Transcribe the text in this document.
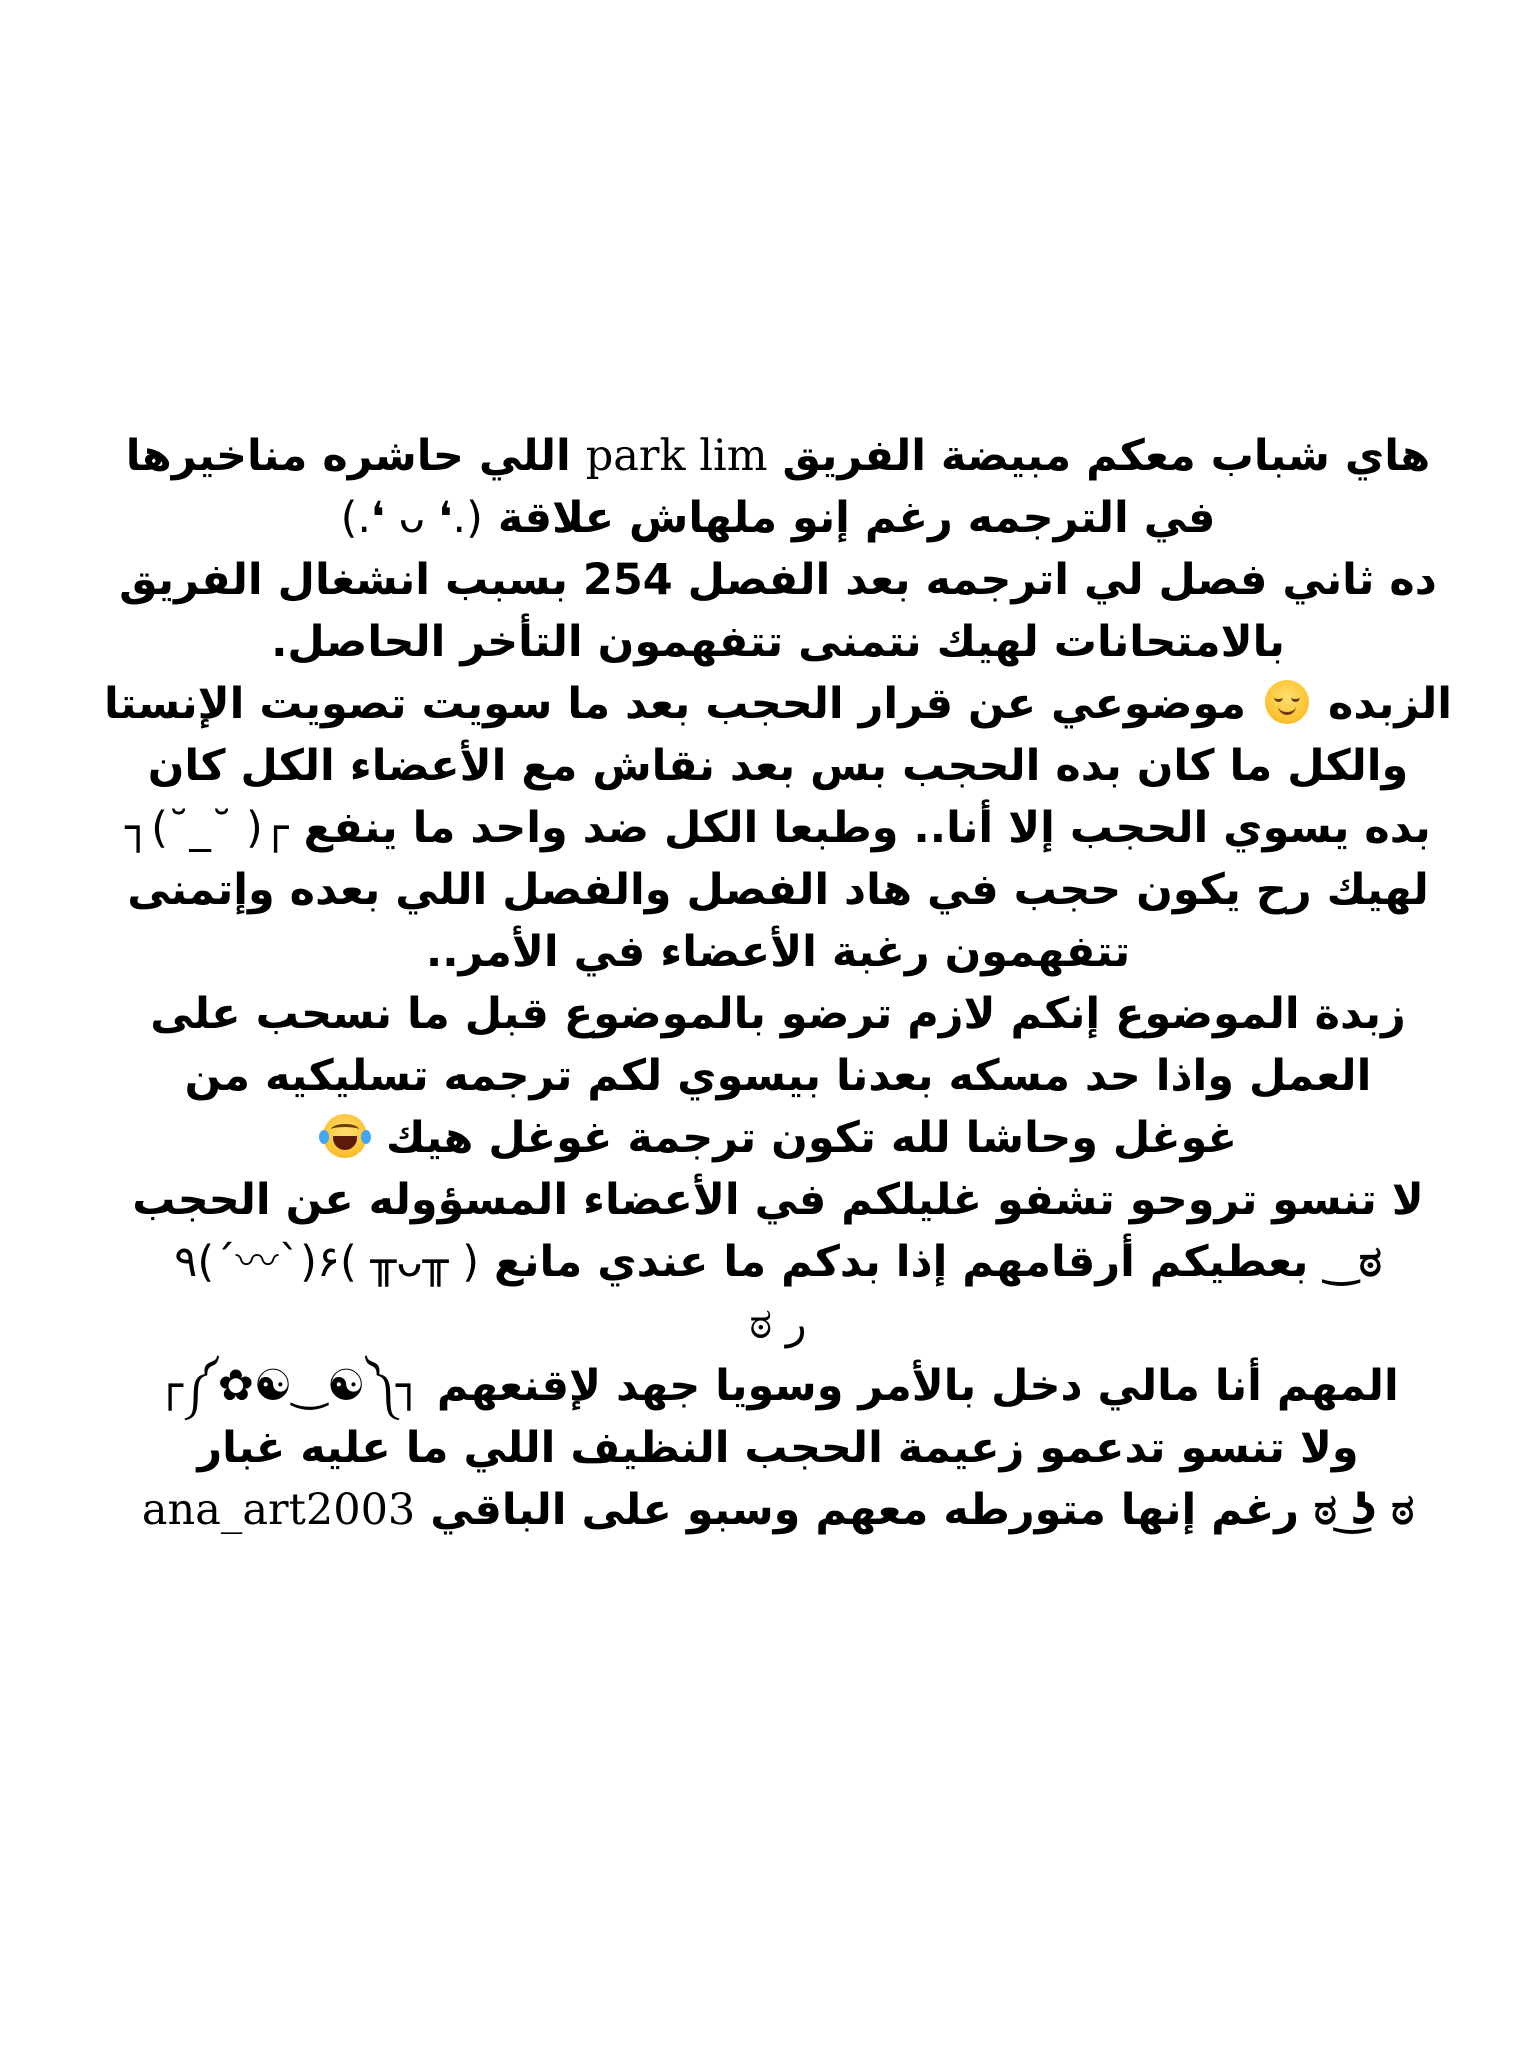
هاي شباب معكم مبيضة الفريق park lim اللي حاشره مناخيرها
في الترجمه رغم إنو ملهاش علاقة (.❛ ᴗ ❛.)
ده ثاني فصل لي اترجمه بعد الفصل 254 بسبب انشغال الفريق
بالامتحانات لهيك نتمنى تتفهمون التأخر الحاصل.
الزبده
موضوعي عن قرار الحجب بعد ما سويت تصويت الإنستا
والكل ما كان بده الحجب بس بعد نقاش مع الأعضاء الكل كان
بده يسوي الحجب إلا أنا.. وطبعا الكل ضد واحد ما ينفع ┐(˘_˘ )┌
لهيك رح يكون حجب في هاد الفصل والفصل اللي بعده وإتمنى
تتفهمون رغبة الأعضاء في الأمر..
زبدة الموضوع إنكم لازم ترضو بالموضوع قبل ما نسحب على
العمل واذا حد مسكه بعدنا بيسوي لكم ترجمه تسليكيه من
غوغل وحاشا لله تكون ترجمة غوغل هيك
لا تنسو تروحو تشفو غليلكم في الأعضاء المسؤوله عن الحجب
ಠ‿ بعطيكم أرقامهم إذا بدكم ما عندي مانع ٩(ˊ〰ˋ)۶( ╥ᴗ╥ )
ಠ ر
المهم أنا مالي دخل بالأمر وسويا جهد لإقنعهم ┌༼✿☯‿☯༽┐
ولا تنسو تدعمو زعيمة الحجب النظيف اللي ما عليه غبار
ಠ ͜ʖ ಠ رغم إنها متورطه معهم وسبو على الباقي ana_art2003
